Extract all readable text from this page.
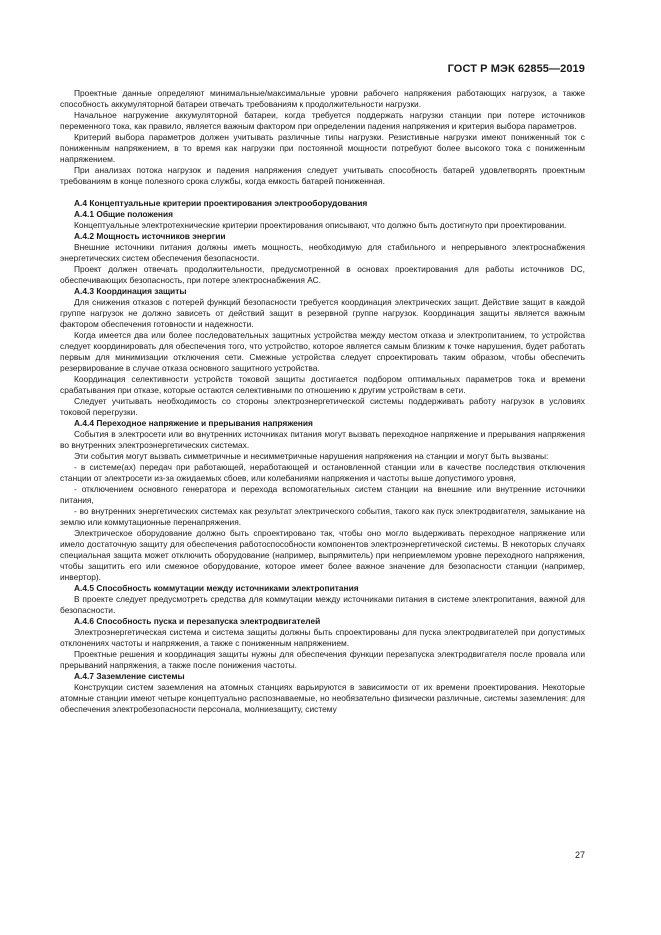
ГОСТ Р МЭК 62855—2019

Проектные данные определяют минимальные/максимальные уровни рабочего напряжения работающих нагрузок, а также способность аккумуляторной батареи отвечать требованиям к продолжительности нагрузки.

Начальное нагружение аккумуляторной батареи, когда требуется поддержать нагрузки станции при потере источников переменного тока, как правило, является важным фактором при определении падения напряжения и критерия выбора параметров.

Критерий выбора параметров должен учитывать различные типы нагрузки. Резистивные нагрузки имеют пониженный ток с пониженным напряжением, в то время как нагрузки при постоянной мощности потребуют более высокого тока с пониженным напряжением.

При анализах потока нагрузок и падения напряжения следует учитывать способность батарей удовлетворять проектным требованиям в конце полезного срока службы, когда емкость батарей пониженная.

А.4 Концептуальные критерии проектирования электрооборудования
А.4.1 Общие положения

Концептуальные электротехнические критерии проектирования описывают, что должно быть достигнуто при проектировании.

А.4.2 Мощность источников энергии

Внешние источники питания должны иметь мощность, необходимую для стабильного и непрерывного электроснабжения энергетических систем обеспечения безопасности.

Проект должен отвечать продолжительности, предусмотренной в основах проектирования для работы источников DC, обеспечивающих безопасность, при потере электроснабжения АС.

А.4.3 Координация защиты

Для снижения отказов с потерей функций безопасности требуется координация электрических защит. Действие защит в каждой группе нагрузок не должно зависеть от действий защит в резервной группе нагрузок. Координация защиты является важным фактором обеспечения готовности и надежности.

Когда имеется два или более последовательных защитных устройства между местом отказа и электропитанием, то устройства следует координировать для обеспечения того, что устройство, которое является самым близким к точке нарушения, будет работать первым для минимизации отключения сети. Смежные устройства следует спроектировать таким образом, чтобы обеспечить резервирование в случае отказа основного защитного устройства.

Координация селективности устройств токовой защиты достигается подбором оптимальных параметров тока и времени срабатывания при отказе, которые остаются селективными по отношению к другим устройствам в сети.

Следует учитывать необходимость со стороны электроэнергетической системы поддерживать работу нагрузок в условиях токовой перегрузки.

А.4.4 Переходное напряжение и прерывания напряжения

События в электросети или во внутренних источниках питания могут вызвать переходное напряжение и прерывания напряжения во внутренних электроэнергетических системах.

Эти события могут вызвать симметричные и несимметричные нарушения напряжения на станции и могут быть вызваны:

- в системе(ах) передач при работающей, неработающей и остановленной станции или в качестве последствия отключения станции от электросети из-за ожидаемых сбоев, или колебаниями напряжения и частоты выше допустимого уровня,

- отключением основного генератора и перехода вспомогательных систем станции на внешние или внутренние источники питания,

- во внутренних энергетических системах как результат электрического события, такого как пуск электродвигателя, замыкание на землю или коммутационные перенапряжения.

Электрическое оборудование должно быть спроектировано так, чтобы оно могло выдерживать переходное напряжение или имело достаточную защиту для обеспечения работоспособности компонентов электроэнергетической системы. В некоторых случаях специальная защита может отключить оборудование (например, выпрямитель) при неприемлемом уровне переходного напряжения, чтобы защитить его или смежное оборудование, которое имеет более важное значение для безопасности станции (например, инвертор).

А.4.5 Способность коммутации между источниками электропитания

В проекте следует предусмотреть средства для коммутации между источниками питания в системе электропитания, важной для безопасности.

А.4.6 Способность пуска и перезапуска электродвигателей

Электроэнергетическая система и система защиты должны быть спроектированы для пуска электродвигателей при допустимых отклонениях частоты и напряжения, а также с пониженным напряжением.

Проектные решения и координация защиты нужны для обеспечения функции перезапуска электродвигателя после провала или прерываний напряжения, а также после понижения частоты.

А.4.7 Заземление системы

Конструкции систем заземления на атомных станциях варьируются в зависимости от их времени проектирования. Некоторые атомные станции имеют четыре концептуально распознаваемые, но необязательно физически различные, системы заземления: для обеспечения электробезопасности персонала, молниезащиту, систему

27
